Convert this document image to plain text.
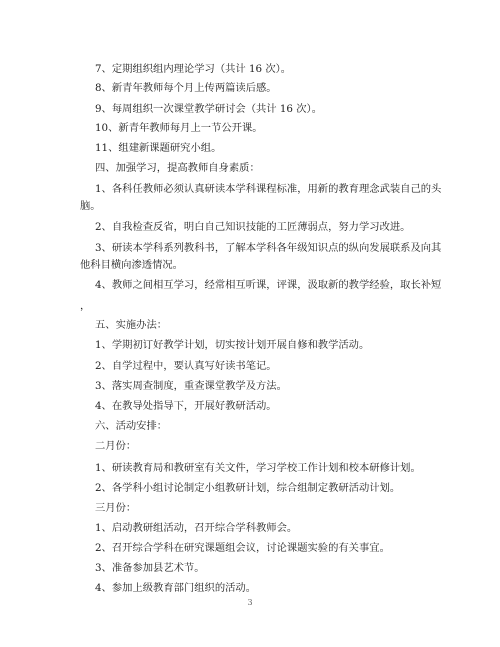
7、定期组织组内理论学习（共计 16 次）。
8、新青年教师每个月上传两篇读后感。
9、每周组织一次课堂教学研讨会（共计 16 次）。
10、新青年教师每月上一节公开课。
11、组建新课题研究小组。
四、加强学习，提高教师自身素质：
1、各科任教师必须认真研读本学科课程标准，用新的教育理念武装自己的头
脑。
2、自我检查反省，明白自己知识技能的工匠薄弱点，努力学习改进。
3、研读本学科系列教科书，了解本学科各年级知识点的纵向发展联系及向其
他科目横向渗透情况。
4、教师之间相互学习，经常相互听课，评课，汲取新的教学经验，取长补短
，
五、实施办法：
1、学期初订好教学计划，切实按计划开展自修和教学活动。
2、自学过程中，要认真写好读书笔记。
3、落实周查制度，重查课堂教学及方法。
4、在教导处指导下，开展好教研活动。
六、活动安排：
二月份：
1、研读教育局和教研室有关文件，学习学校工作计划和校本研修计划。
2、各学科小组讨论制定小组教研计划，综合组制定教研活动计划。
三月份：
1、启动教研组活动，召开综合学科教师会。
2、召开综合学科在研究课题组会议，讨论课题实验的有关事宜。
3、准备参加县艺术节。
4、参加上级教育部门组织的活动。
3
